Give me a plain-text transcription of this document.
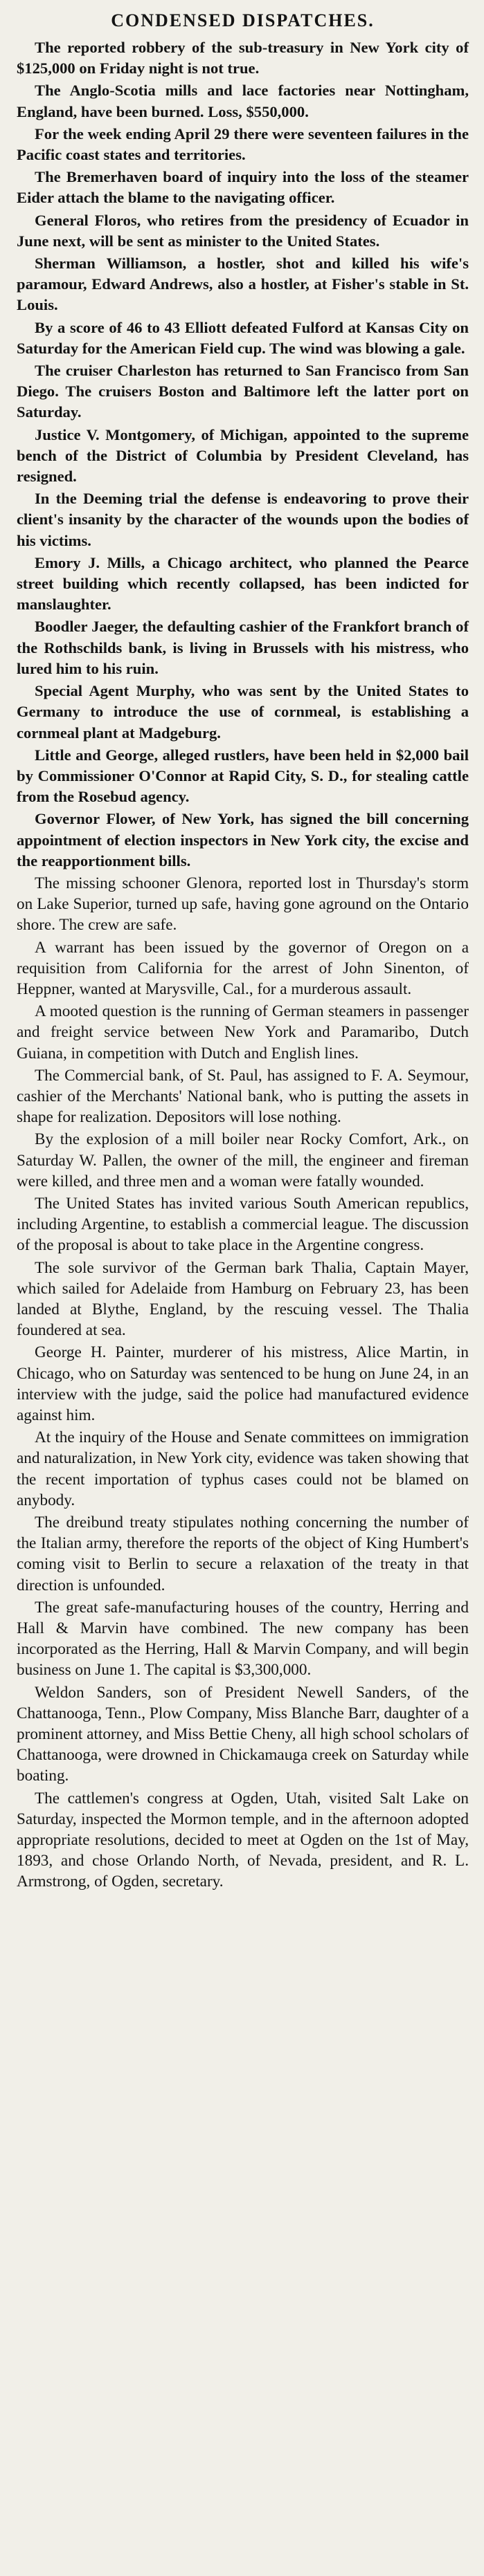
CONDENSED DISPATCHES.

The reported robbery of the sub-treasury in New York city of $125,000 on Friday night is not true.

The Anglo-Scotia mills and lace factories near Nottingham, England, have been burned. Loss, $550,000.

For the week ending April 29 there were seventeen failures in the Pacific coast states and territories.

The Bremerhaven board of inquiry into the loss of the steamer Eider attach the blame to the navigating officer.

General Floros, who retires from the presidency of Ecuador in June next, will be sent as minister to the United States.

Sherman Williamson, a hostler, shot and killed his wife's paramour, Edward Andrews, also a hostler, at Fisher's stable in St. Louis.

By a score of 46 to 43 Elliott defeated Fulford at Kansas City on Saturday for the American Field cup. The wind was blowing a gale.

The cruiser Charleston has returned to San Francisco from San Diego. The cruisers Boston and Baltimore left the latter port on Saturday.

Justice V. Montgomery, of Michigan, appointed to the supreme bench of the District of Columbia by President Cleveland, has resigned.

In the Deeming trial the defense is endeavoring to prove their client's insanity by the character of the wounds upon the bodies of his victims.

Emory J. Mills, a Chicago architect, who planned the Pearce street building which recently collapsed, has been indicted for manslaughter.

Boodler Jaeger, the defaulting cashier of the Frankfort branch of the Rothschilds bank, is living in Brussels with his mistress, who lured him to his ruin.

Special Agent Murphy, who was sent by the United States to Germany to introduce the use of cornmeal, is establishing a cornmeal plant at Madgeburg.

Little and George, alleged rustlers, have been held in $2,000 bail by Commissioner O'Connor at Rapid City, S. D., for stealing cattle from the Rosebud agency.

Governor Flower, of New York, has signed the bill concerning appointment of election inspectors in New York city, the excise and the reapportionment bills.

The missing schooner Glenora, reported lost in Thursday's storm on Lake Superior, turned up safe, having gone aground on the Ontario shore. The crew are safe.

A warrant has been issued by the governor of Oregon on a requisition from California for the arrest of John Sinenton, of Heppner, wanted at Marysville, Cal., for a murderous assault.

A mooted question is the running of German steamers in passenger and freight service between New York and Paramaribo, Dutch Guiana, in competition with Dutch and English lines.

The Commercial bank, of St. Paul, has assigned to F. A. Seymour, cashier of the Merchants' National bank, who is putting the assets in shape for realization. Depositors will lose nothing.

By the explosion of a mill boiler near Rocky Comfort, Ark., on Saturday W. Pallen, the owner of the mill, the engineer and fireman were killed, and three men and a woman were fatally wounded.

The United States has invited various South American republics, including Argentine, to establish a commercial league. The discussion of the proposal is about to take place in the Argentine congress.

The sole survivor of the German bark Thalia, Captain Mayer, which sailed for Adelaide from Hamburg on February 23, has been landed at Blythe, England, by the rescuing vessel. The Thalia foundered at sea.

George H. Painter, murderer of his mistress, Alice Martin, in Chicago, who on Saturday was sentenced to be hung on June 24, in an interview with the judge, said the police had manufactured evidence against him.

At the inquiry of the House and Senate committees on immigration and naturalization, in New York city, evidence was taken showing that the recent importation of typhus cases could not be blamed on anybody.

The dreibund treaty stipulates nothing concerning the number of the Italian army, therefore the reports of the object of King Humbert's coming visit to Berlin to secure a relaxation of the treaty in that direction is unfounded.

The great safe-manufacturing houses of the country, Herring and Hall & Marvin have combined. The new company has been incorporated as the Herring, Hall & Marvin Company, and will begin business on June 1. The capital is $3,300,000.

Weldon Sanders, son of President Newell Sanders, of the Chattanooga, Tenn., Plow Company, Miss Blanche Barr, daughter of a prominent attorney, and Miss Bettie Cheny, all high school scholars of Chattanooga, were drowned in Chickamauga creek on Saturday while boating.

The cattlemen's congress at Ogden, Utah, visited Salt Lake on Saturday, inspected the Mormon temple, and in the afternoon adopted appropriate resolutions, decided to meet at Ogden on the 1st of May, 1893, and chose Orlando North, of Nevada, president, and R. L. Armstrong, of Ogden, secretary.
